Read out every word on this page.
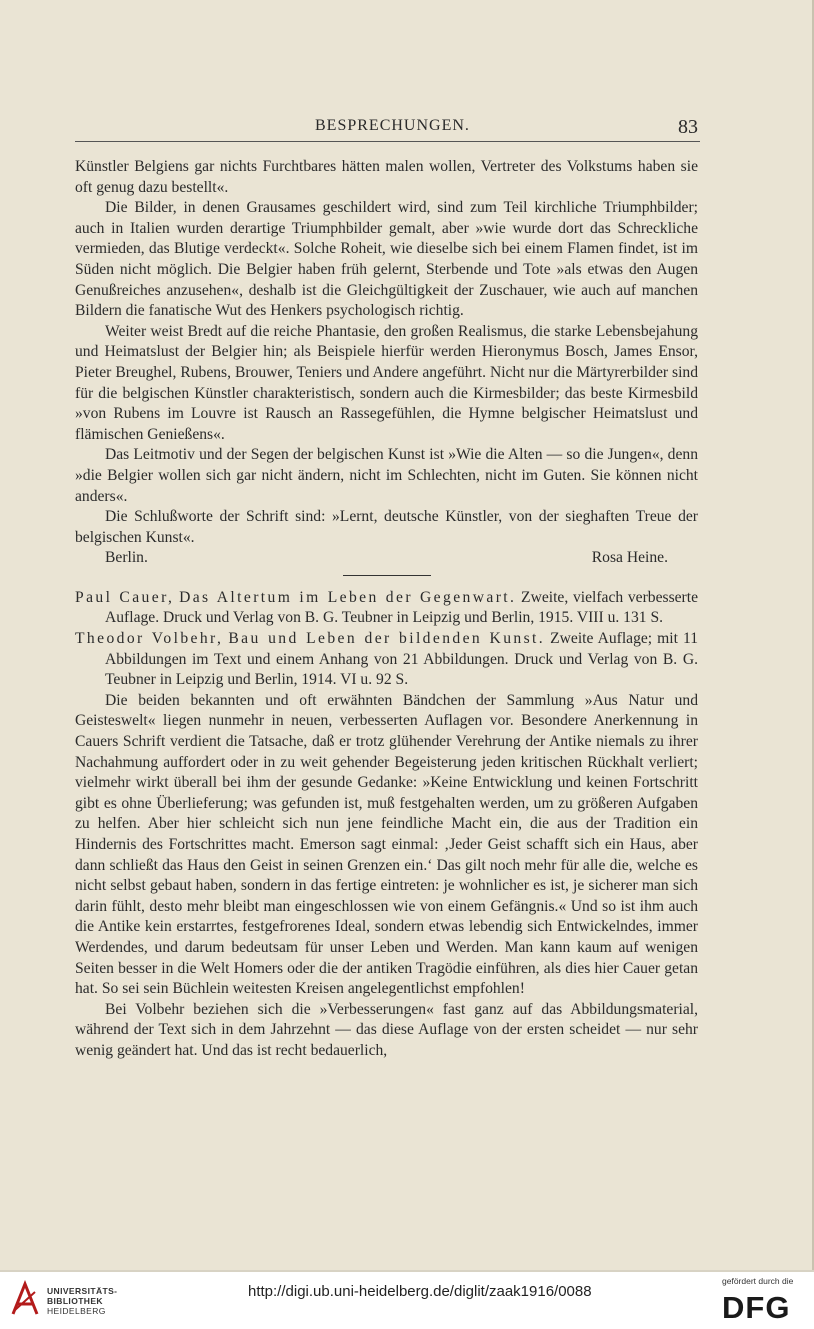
BESPRECHUNGEN.	83

Künstler Belgiens gar nichts Furchtbares hätten malen wollen, Vertreter des Volkstums haben sie oft genug dazu bestellt«.

Die Bilder, in denen Grausames geschildert wird, sind zum Teil kirchliche Triumphbilder; auch in Italien wurden derartige Triumphbilder gemalt, aber »wie wurde dort das Schreckliche vermieden, das Blutige verdeckt«. Solche Roheit, wie dieselbe sich bei einem Flamen findet, ist im Süden nicht möglich. Die Belgier haben früh gelernt, Sterbende und Tote »als etwas den Augen Genußreiches anzusehen«, deshalb ist die Gleichgültigkeit der Zuschauer, wie auch auf manchen Bildern die fanatische Wut des Henkers psychologisch richtig.

Weiter weist Bredt auf die reiche Phantasie, den großen Realismus, die starke Lebensbejahung und Heimatslust der Belgier hin; als Beispiele hierfür werden Hieronymus Bosch, James Ensor, Pieter Breughel, Rubens, Brouwer, Teniers und Andere angeführt. Nicht nur die Märtyrerbilder sind für die belgischen Künstler charakteristisch, sondern auch die Kirmesbilder; das beste Kirmesbild »von Rubens im Louvre ist Rausch an Rassegefühlen, die Hymne belgischer Heimatslust und flämischen Genießens«.

Das Leitmotiv und der Segen der belgischen Kunst ist »Wie die Alten — so die Jungen«, denn »die Belgier wollen sich gar nicht ändern, nicht im Schlechten, nicht im Guten. Sie können nicht anders«.

Die Schlußworte der Schrift sind: »Lernt, deutsche Künstler, von der sieghaften Treue der belgischen Kunst«.

Berlin.	Rosa Heine.

Paul Cauer, Das Altertum im Leben der Gegenwart. Zweite, vielfach verbesserte Auflage. Druck und Verlag von B. G. Teubner in Leipzig und Berlin, 1915. VIII u. 131 S.

Theodor Volbehr, Bau und Leben der bildenden Kunst. Zweite Auflage; mit 11 Abbildungen im Text und einem Anhang von 21 Abbildungen. Druck und Verlag von B. G. Teubner in Leipzig und Berlin, 1914. VI u. 92 S.

Die beiden bekannten und oft erwähnten Bändchen der Sammlung »Aus Natur und Geisteswelt« liegen nunmehr in neuen, verbesserten Auflagen vor. Besondere Anerkennung in Cauers Schrift verdient die Tatsache, daß er trotz glühender Verehrung der Antike niemals zu ihrer Nachahmung auffordert oder in zu weit gehender Begeisterung jeden kritischen Rückhalt verliert; vielmehr wirkt überall bei ihm der gesunde Gedanke: »Keine Entwicklung und keinen Fortschritt gibt es ohne Überlieferung; was gefunden ist, muß festgehalten werden, um zu größeren Aufgaben zu helfen. Aber hier schleicht sich nun jene feindliche Macht ein, die aus der Tradition ein Hindernis des Fortschrittes macht. Emerson sagt einmal: ‚Jeder Geist schafft sich ein Haus, aber dann schließt das Haus den Geist in seinen Grenzen ein.‘ Das gilt noch mehr für alle die, welche es nicht selbst gebaut haben, sondern in das fertige eintreten: je wohnlicher es ist, je sicherer man sich darin fühlt, desto mehr bleibt man eingeschlossen wie von einem Gefängnis.« Und so ist ihm auch die Antike kein erstarrtes, festgefrorenes Ideal, sondern etwas lebendig sich Entwickelndes, immer Werdendes, und darum bedeutsam für unser Leben und Werden. Man kann kaum auf wenigen Seiten besser in die Welt Homers oder die der antiken Tragödie einführen, als dies hier Cauer getan hat. So sei sein Büchlein weitesten Kreisen angelegentlichst empfohlen!

Bei Volbehr beziehen sich die »Verbesserungen« fast ganz auf das Abbildungsmaterial, während der Text sich in dem Jahrzehnt — das diese Auflage von der ersten scheidet — nur sehr wenig geändert hat. Und das ist recht bedauerlich,

UNIVERSITÄTS-
BIBLIOTHEK
HEIDELBERG
http://digi.ub.uni-heidelberg.de/diglit/zaak1916/0088
gefördert durch die
DFG
